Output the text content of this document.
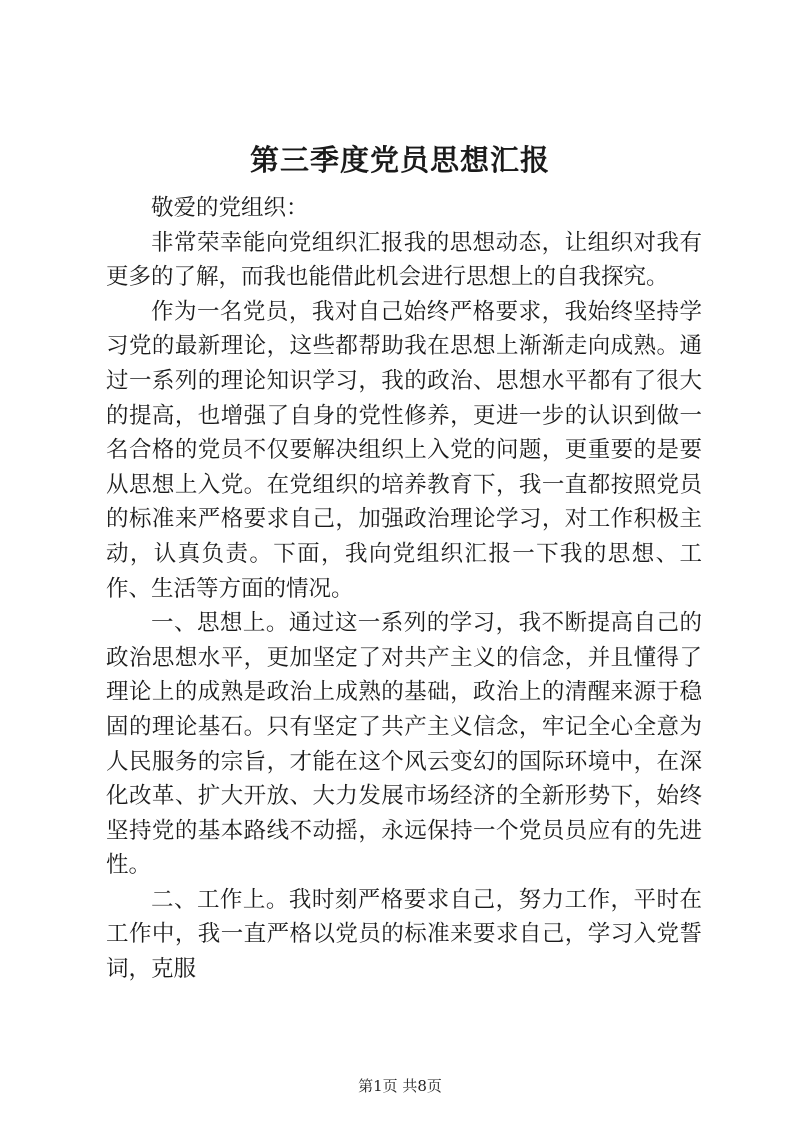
第三季度党员思想汇报

敬爱的党组织：

非常荣幸能向党组织汇报我的思想动态，让组织对我有更多的了解，而我也能借此机会进行思想上的自我探究。

作为一名党员，我对自己始终严格要求，我始终坚持学习党的最新理论，这些都帮助我在思想上渐渐走向成熟。通过一系列的理论知识学习，我的政治、思想水平都有了很大的提高，也增强了自身的党性修养，更进一步的认识到做一名合格的党员不仅要解决组织上入党的问题，更重要的是要从思想上入党。在党组织的培养教育下，我一直都按照党员的标准来严格要求自己，加强政治理论学习，对工作积极主动，认真负责。下面，我向党组织汇报一下我的思想、工作、生活等方面的情况。

一、思想上。通过这一系列的学习，我不断提高自己的政治思想水平，更加坚定了对共产主义的信念，并且懂得了理论上的成熟是政治上成熟的基础，政治上的清醒来源于稳固的理论基石。只有坚定了共产主义信念，牢记全心全意为人民服务的宗旨，才能在这个风云变幻的国际环境中，在深化改革、扩大开放、大力发展市场经济的全新形势下，始终坚持党的基本路线不动摇，永远保持一个党员员应有的先进性。

二、工作上。我时刻严格要求自己，努力工作，平时在工作中，我一直严格以党员的标准来要求自己，学习入党誓词，克服

第1页 共8页
